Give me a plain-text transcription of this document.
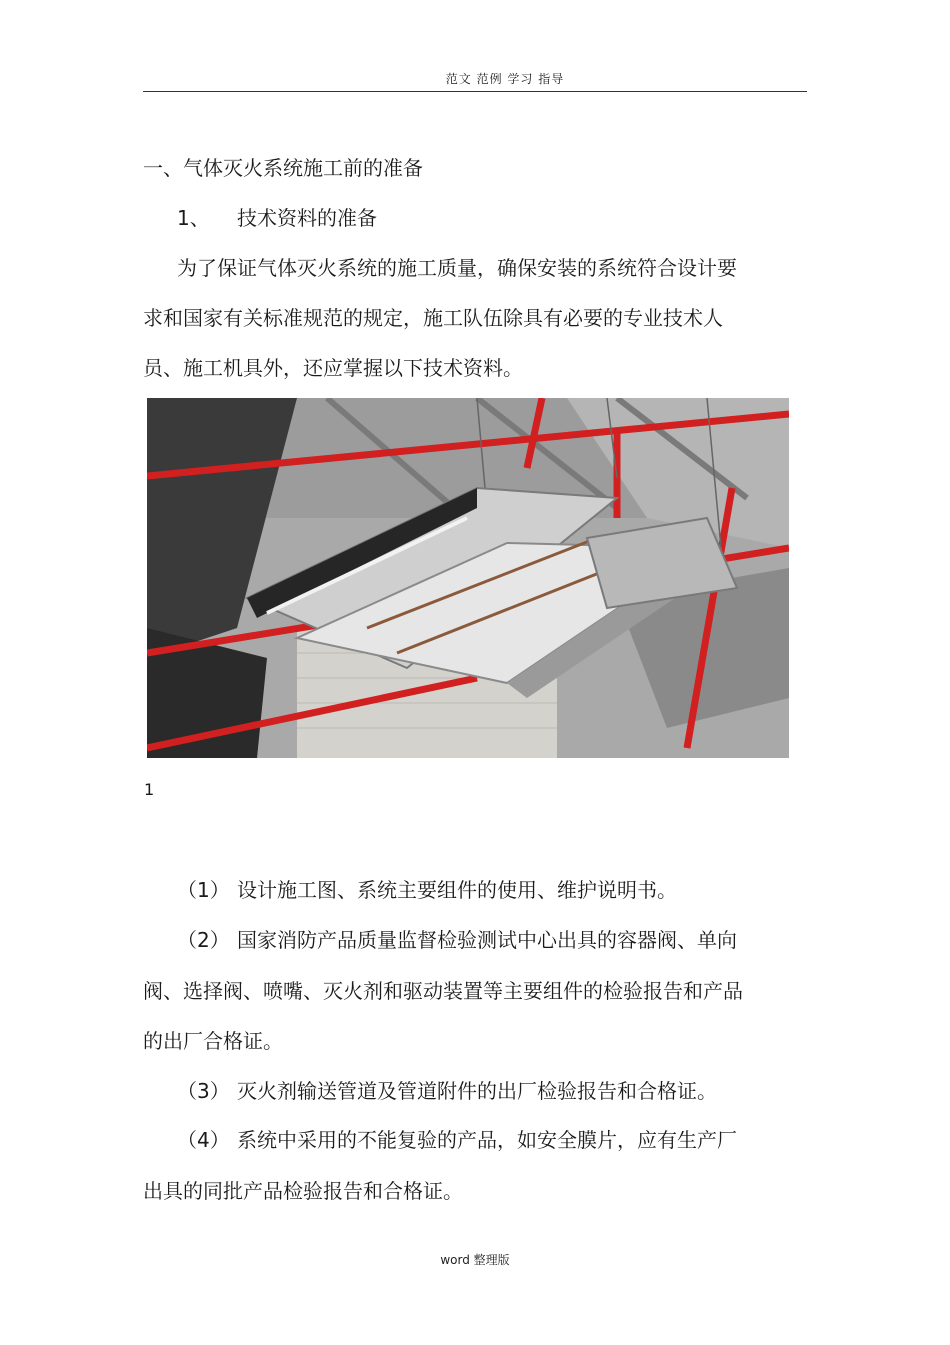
范文 范例 学习 指导
一、气体灭火系统施工前的准备
1、 技术资料的准备
为了保证气体灭火系统的施工质量，确保安装的系统符合设计要
求和国家有关标准规范的规定，施工队伍除具有必要的专业技术人
员、施工机具外，还应掌握以下技术资料。
1
（1） 设计施工图、系统主要组件的使用、维护说明书。
（2） 国家消防产品质量监督检验测试中心出具的容器阀、单向
阀、选择阀、喷嘴、灭火剂和驱动装置等主要组件的检验报告和产品
的出厂合格证。
（3） 灭火剂输送管道及管道附件的出厂检验报告和合格证。
（4） 系统中采用的不能复验的产品，如安全膜片，应有生产厂
出具的同批产品检验报告和合格证。
word 整理版
